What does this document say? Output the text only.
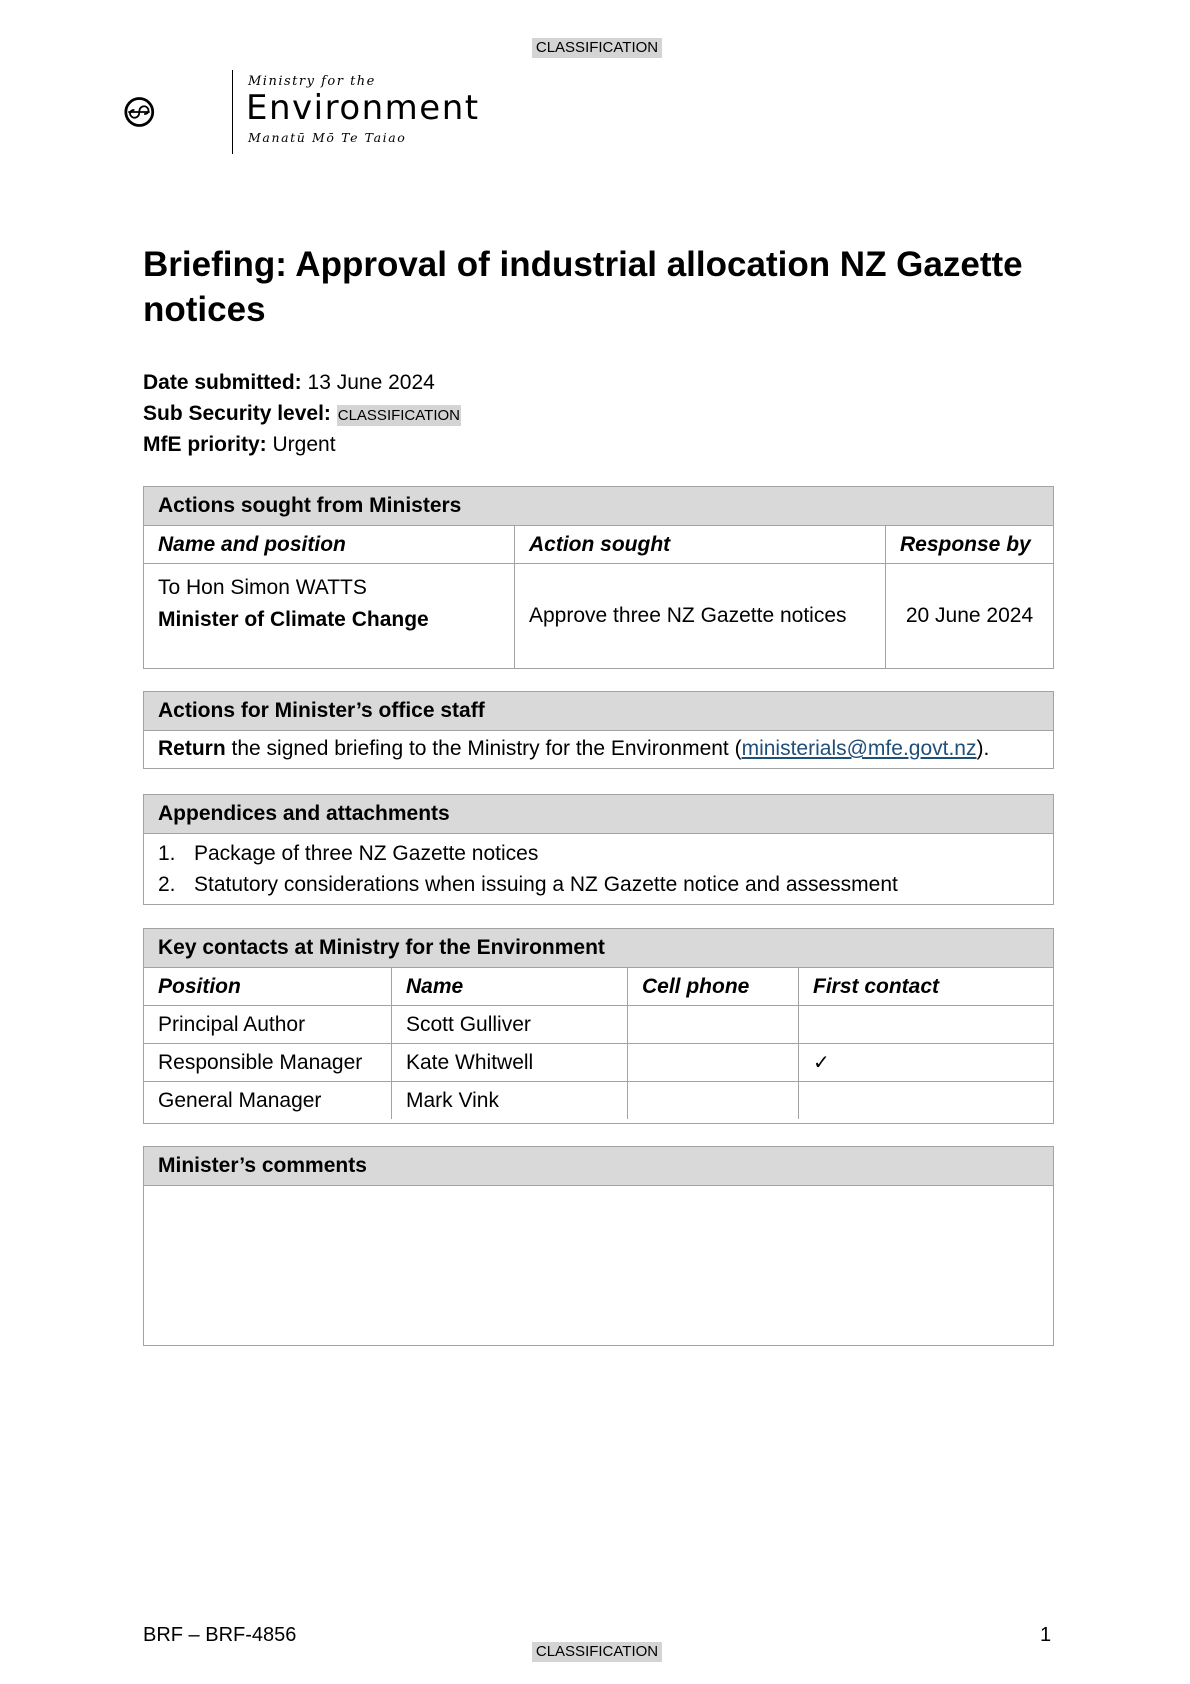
CLASSIFICATION
Ministry for the
Environment
Manatū Mō Te Taiao
Briefing: Approval of industrial allocation NZ Gazette notices
Date submitted: 13 June 2024
Sub Security level: CLASSIFICATION
MfE priority: Urgent
Actions sought from Ministers
Name and position	Action sought	Response by

To Hon Simon WATTS
Minister of Climate Change	Approve three NZ Gazette notices	20 June 2024
Actions for Minister’s office staff
Return the signed briefing to the Ministry for the Environment (ministerials@mfe.govt.nz).
Appendices and attachments
1. Package of three NZ Gazette notices
2. Statutory considerations when issuing a NZ Gazette notice and assessment
Key contacts at Ministry for the Environment
Position	Name	Cell phone	First contact
Principal Author	Scott Gulliver		
Responsible Manager	Kate Whitwell		✓
General Manager	Mark Vink		
Minister’s comments
BRF – BRF-4856	1
CLASSIFICATION
